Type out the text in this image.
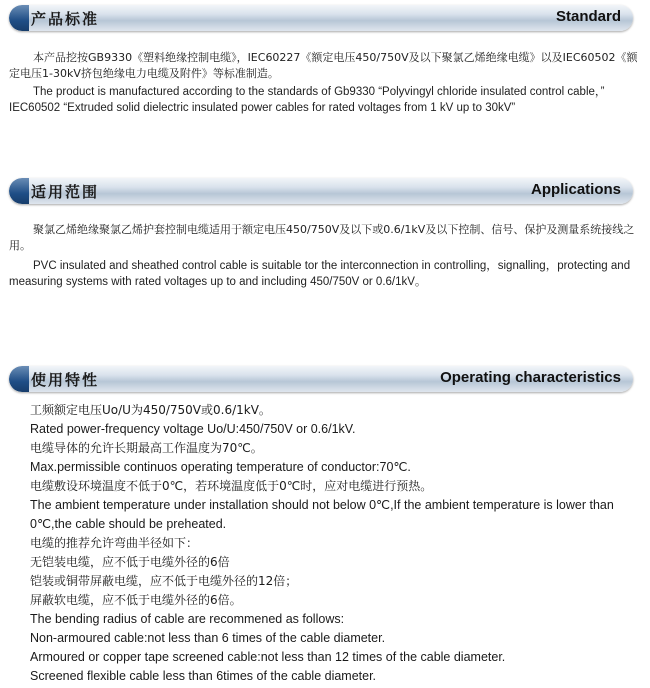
产品标准	Standard

本产品挖按GB9330《塑料绝缘控制电缆》，IEC60227《额定电压450/750V及以下聚氯乙烯绝缘电缆》以及IEC60502《额定电压1-30kV挤包绝缘电力电缆及附件》等标准制造。

The product is manufactured according to the standards of Gb9330 “Polyvingyl chloride insulated control cable，” IEC60502 “Extruded solid dielectric insulated power cables for rated voltages from 1 kV up to 30kV”

适用范围	Applications

聚氯乙烯绝缘聚氯乙烯护套控制电缆适用于额定电压450/750V及以下或0.6/1kV及以下控制、信号、保护及测量系统接线之用。

PVC insulated and sheathed control cable is suitable tor the interconnection in controlling，signalling，protecting and measuring systems with rated voltages up to and including 450/750V or 0.6/1kV。

使用特性	Operating characteristics
工频额定电压Uo/U为450/750V或0.6/1kV。
Rated power-frequency voltage Uo/U:450/750V or 0.6/1kV.
电缆导体的允许长期最高工作温度为70℃。
Max.permissible continuos operating temperature of conductor:70℃.
电缆敷设环境温度不低于0℃，若环境温度低于0℃时，应对电缆进行预热。
The ambient temperature under installation should not below 0℃,If the ambient temperature is lower than 0℃,the cable should be preheated.
电缆的推荐允许弯曲半径如下：
无铠装电缆，应不低于电缆外径的6倍
铠装或铜带屏蔽电缆，应不低于电缆外径的12倍；
屏蔽软电缆，应不低于电缆外径的6倍。
The bending radius of cable are recommened as follows:
Non-armoured cable:not less than 6 times of the cable diameter.
Armoured or copper tape screened cable:not less than 12 times of the cable diameter.
Screened flexible cable less than 6times of the cable diameter.
